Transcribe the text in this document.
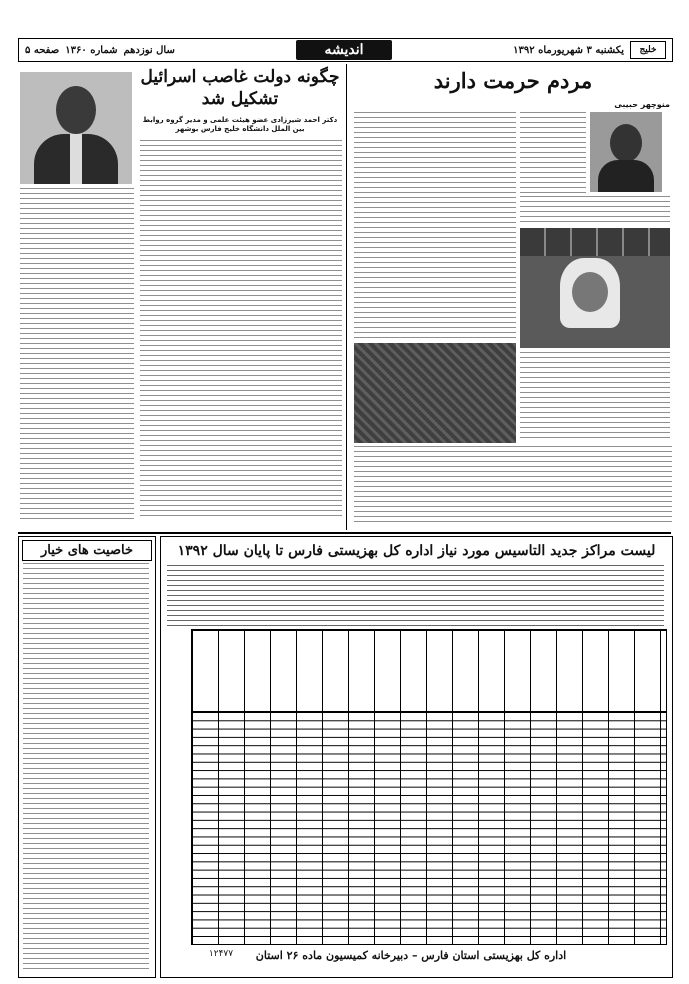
خلیج
یکشنبه ۳ شهریورماه ۱۳۹۲
اندیشه
سال نوزدهم
شماره ۱۳۶۰
صفحه ۵
مردم حرمت دارند
منوچهر حبیبی
چگونه دولت غاصب اسرائیل
تشکیل شد
دکتر احمد شیرزادی عضو هیئت علمی و مدیر گروه روابط بین الملل دانشگاه خلیج فارس بوشهر
لیست مراکز جدید التاسیس مورد نیاز اداره کل بهزیستی فارس تا پایان سال ۱۳۹۲
اداره کل بهزیستی استان فارس – دبیرخانه کمیسیون ماده ۲۶ استان
۱۲۴۷۷
خاصیت های خیار
